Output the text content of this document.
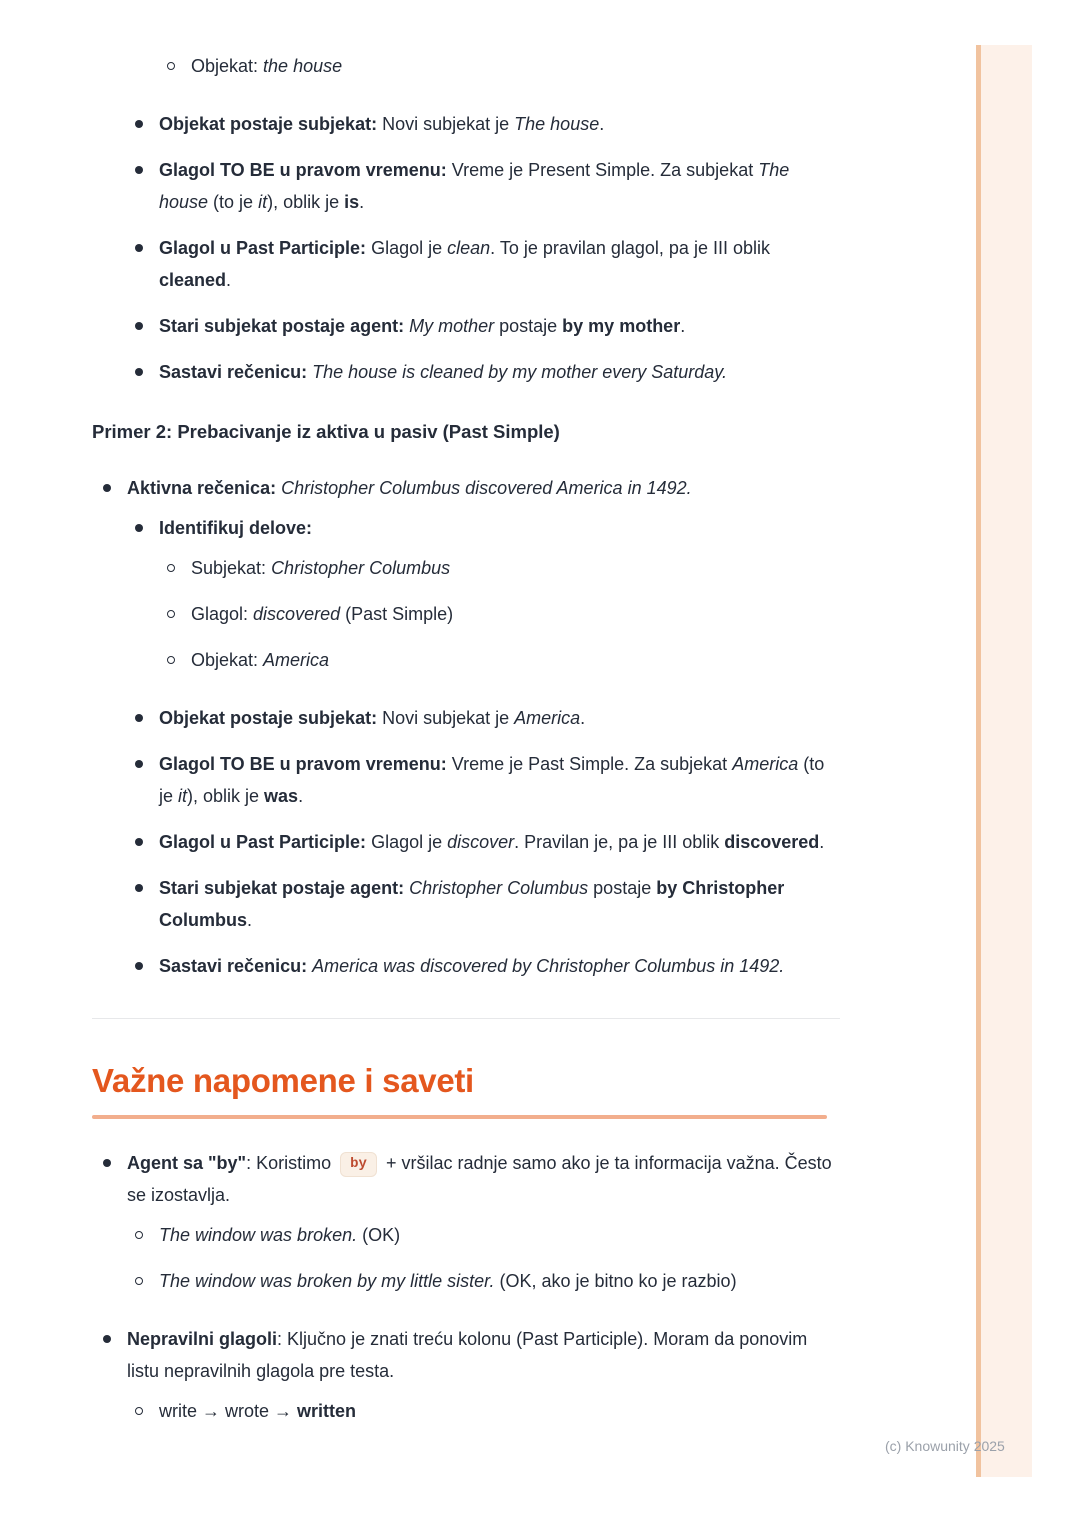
Objekat: the house
Objekat postaje subjekat: Novi subjekat je The house.
Glagol TO BE u pravom vremenu: Vreme je Present Simple. Za subjekat The house (to je it), oblik je is.
Glagol u Past Participle: Glagol je clean. To je pravilan glagol, pa je III oblik cleaned.
Stari subjekat postaje agent: My mother postaje by my mother.
Sastavi rečenicu: The house is cleaned by my mother every Saturday.

Primer 2: Prebacivanje iz aktiva u pasiv (Past Simple)

Aktivna rečenica: Christopher Columbus discovered America in 1492.
Identifikuj delove:
Subjekat: Christopher Columbus
Glagol: discovered (Past Simple)
Objekat: America
Objekat postaje subjekat: Novi subjekat je America.
Glagol TO BE u pravom vremenu: Vreme je Past Simple. Za subjekat America (to je it), oblik je was.
Glagol u Past Participle: Glagol je discover. Pravilan je, pa je III oblik discovered.
Stari subjekat postaje agent: Christopher Columbus postaje by Christopher Columbus.
Sastavi rečenicu: America was discovered by Christopher Columbus in 1492.
Važne napomene i saveti
Agent sa "by": Koristimo by + vršilac radnje samo ako je ta informacija važna. Često se izostavlja.
The window was broken. (OK)
The window was broken by my little sister. (OK, ako je bitno ko je razbio)
Nepravilni glagoli: Ključno je znati treću kolonu (Past Participle). Moram da ponovim listu nepravilnih glagola pre testa.
write → wrote → written
(c) Knowunity 2025
